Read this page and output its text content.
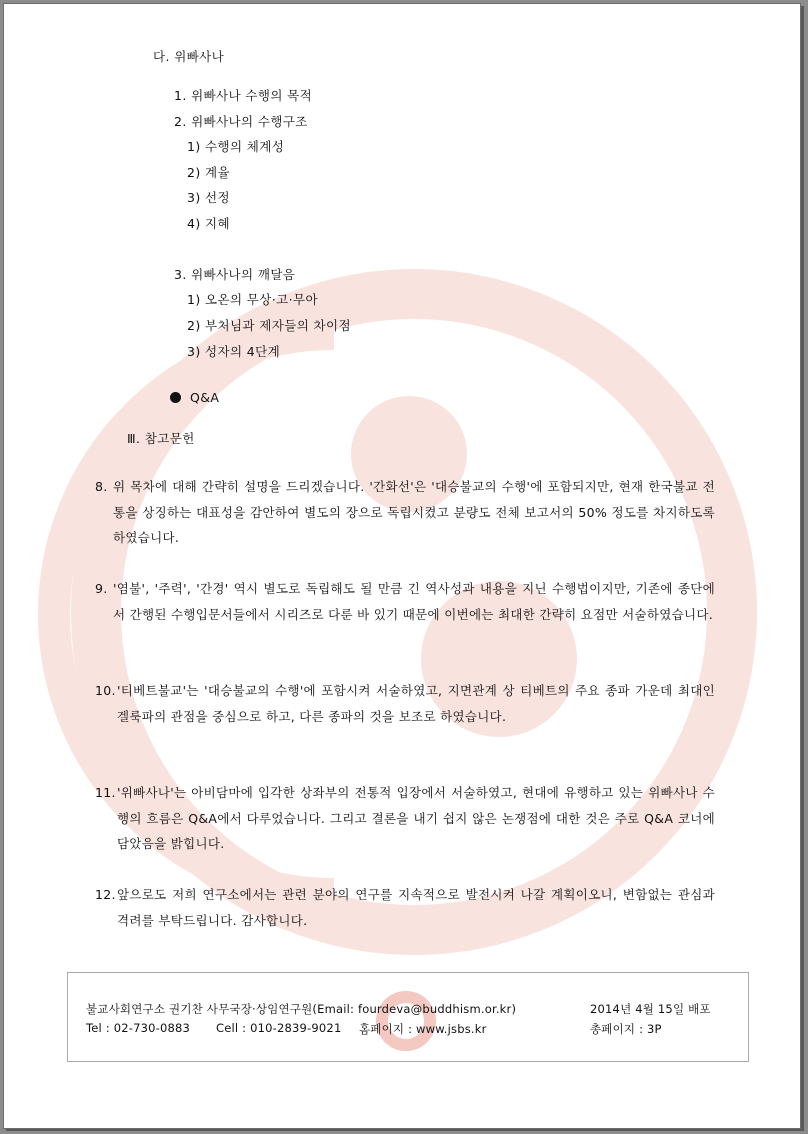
다. 위빠사나
1. 위빠사나 수행의 목적
2. 위빠사나의 수행구조
1) 수행의 체계성
2) 계율
3) 선정
4) 지혜
3. 위빠사나의 깨달음
1) 오온의 무상·고·무아
2) 부처님과 제자들의 차이점
3) 성자의 4단계
Q&A
Ⅲ. 참고문헌
8. 위 목차에 대해 간략히 설명을 드리겠습니다. '간화선'은 '대승불교의 수행'에 포함되지만, 현재 한국불교 전통을 상징하는 대표성을 감안하여 별도의 장으로 독립시켰고 분량도 전체 보고서의 50% 정도를 차지하도록 하였습니다.
9. '염불', '주력', '간경' 역시 별도로 독립해도 될 만큼 긴 역사성과 내용을 지닌 수행법이지만, 기존에 종단에서 간행된 수행입문서들에서 시리즈로 다룬 바 있기 때문에 이번에는 최대한 간략히 요점만 서술하였습니다.
10. '티베트불교'는 '대승불교의 수행'에 포함시켜 서술하였고, 지면관계 상 티베트의 주요 종파 가운데 최대인 겔룩파의 관점을 중심으로 하고, 다른 종파의 것을 보조로 하였습니다.
11. '위빠사나'는 아비담마에 입각한 상좌부의 전통적 입장에서 서술하였고, 현대에 유행하고 있는 위빠사나 수행의 흐름은 Q&A에서 다루었습니다. 그리고 결론을 내기 쉽지 않은 논쟁점에 대한 것은 주로 Q&A 코너에 담았음을 밝힙니다.
12. 앞으로도 저희 연구소에서는 관련 분야의 연구를 지속적으로 발전시켜 나갈 계획이오니, 변함없는 관심과 격려를 부탁드립니다. 감사합니다.
불교사회연구소 권기찬 사무국장·상임연구원(Email: fourdeva@buddhism.or.kr)	2014년 4월 15일 배포
Tel : 02-730-0883 Cell : 010-2839-9021 홈페이지 : www.jsbs.kr	총페이지 : 3P
